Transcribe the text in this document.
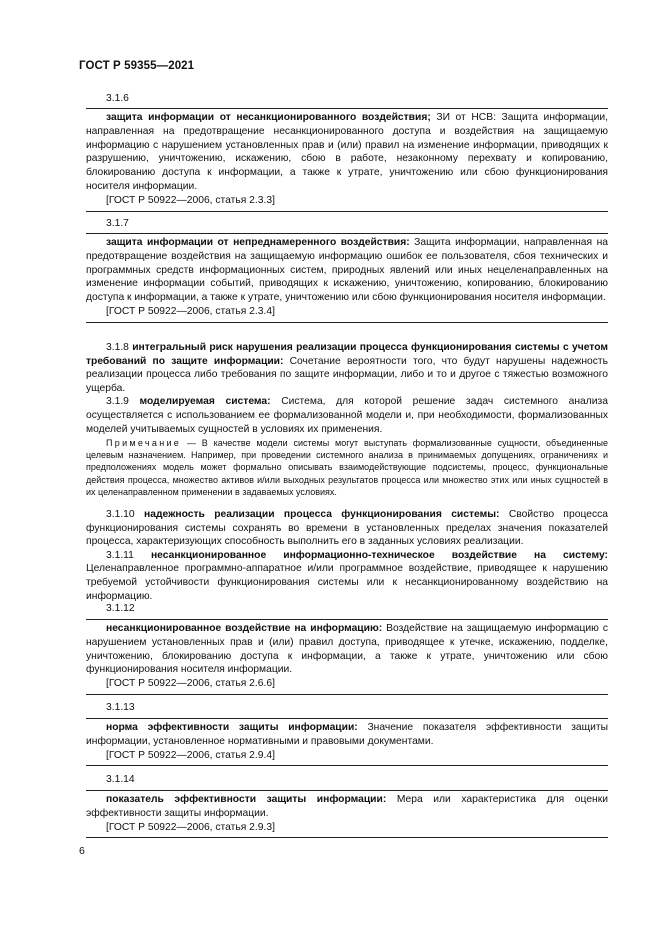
ГОСТ Р 59355—2021
3.1.6

защита информации от несанкционированного воздействия; ЗИ от НСВ: Защита информации, направленная на предотвращение несанкционированного доступа и воздействия на защищаемую информацию с нарушением установленных прав и (или) правил на изменение информации, приводящих к разрушению, уничтожению, искажению, сбою в работе, незаконному перехвату и копированию, блокированию доступа к информации, а также к утрате, уничтожению или сбою функционирования носителя информации.

[ГОСТ Р 50922—2006, статья 2.3.3]

3.1.7

защита информации от непреднамеренного воздействия: Защита информации, направленная на предотвращение воздействия на защищаемую информацию ошибок ее пользователя, сбоя технических и программных средств информационных систем, природных явлений или иных нецеленаправленных на изменение информации событий, приводящих к искажению, уничтожению, копированию, блокированию доступа к информации, а также к утрате, уничтожению или сбою функционирования носителя информации.

[ГОСТ Р 50922—2006, статья 2.3.4]

3.1.8 интегральный риск нарушения реализации процесса функционирования системы с учетом требований по защите информации: Сочетание вероятности того, что будут нарушены надежность реализации процесса либо требования по защите информации, либо и то и другое с тяжестью возможного ущерба.

3.1.9 моделируемая система: Система, для которой решение задач системного анализа осуществляется с использованием ее формализованной модели и, при необходимости, формализованных моделей учитываемых сущностей в условиях их применения.

Примечание — В качестве модели системы могут выступать формализованные сущности, объединенные целевым назначением. Например, при проведении системного анализа в принимаемых допущениях, ограничениях и предположениях модель может формально описывать взаимодействующие подсистемы, процесс, функциональные действия процесса, множество активов и/или выходных результатов процесса или множество этих или иных сущностей в их целенаправленном применении в задаваемых условиях.

3.1.10 надежность реализации процесса функционирования системы: Свойство процесса функционирования системы сохранять во времени в установленных пределах значения показателей процесса, характеризующих способность выполнить его в заданных условиях реализации.

3.1.11 несанкционированное информационно-техническое воздействие на систему: Целенаправленное программно-аппаратное и/или программное воздействие, приводящее к нарушению требуемой устойчивости функционирования системы или к несанкционированному воздействию на информацию.

3.1.12

несанкционированное воздействие на информацию: Воздействие на защищаемую информацию с нарушением установленных прав и (или) правил доступа, приводящее к утечке, искажению, подделке, уничтожению, блокированию доступа к информации, а также к утрате, уничтожению или сбою функционирования носителя информации.

[ГОСТ Р 50922—2006, статья 2.6.6]

3.1.13

норма эффективности защиты информации: Значение показателя эффективности защиты информации, установленное нормативными и правовыми документами.

[ГОСТ Р 50922—2006, статья 2.9.4]

3.1.14

показатель эффективности защиты информации: Мера или характеристика для оценки эффективности защиты информации.

[ГОСТ Р 50922—2006, статья 2.9.3]

6
